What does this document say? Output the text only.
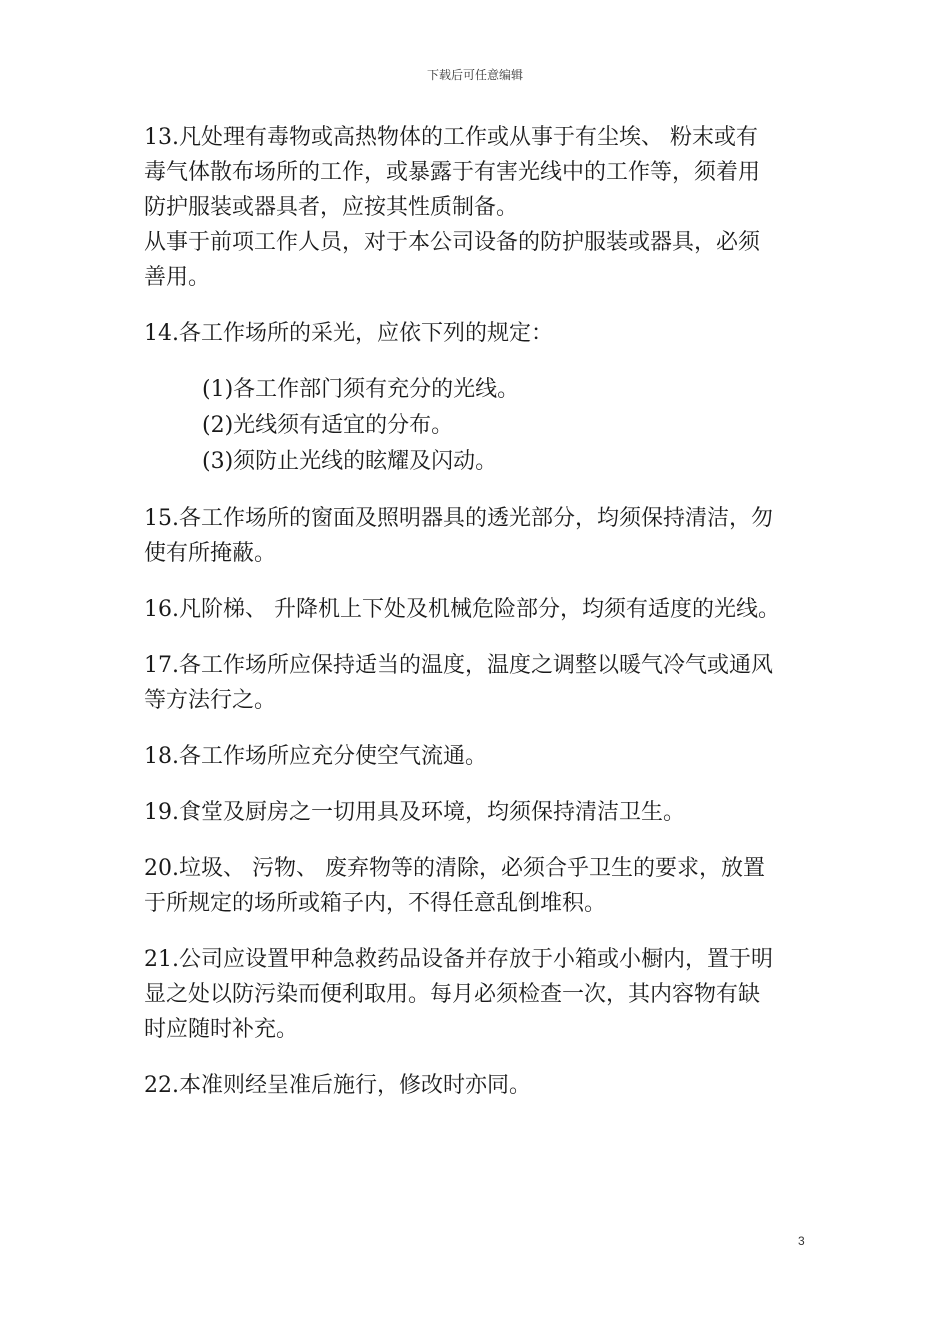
下载后可任意编辑
13.凡处理有毒物或高热物体的工作或从事于有尘埃、 粉末或有
毒气体散布场所的工作，或暴露于有害光线中的工作等，须着用
防护服装或器具者，应按其性质制备。
从事于前项工作人员，对于本公司设备的防护服装或器具，必须
善用。
14.各工作场所的采光，应依下列的规定：
(1)各工作部门须有充分的光线。
(2)光线须有适宜的分布。
(3)须防止光线的眩耀及闪动。
15.各工作场所的窗面及照明器具的透光部分，均须保持清洁，勿
使有所掩蔽。
16.凡阶梯、 升降机上下处及机械危险部分，均须有适度的光线。
17.各工作场所应保持适当的温度，温度之调整以暖气冷气或通风
等方法行之。
18.各工作场所应充分使空气流通。
19.食堂及厨房之一切用具及环境，均须保持清洁卫生。
20.垃圾、 污物、 废弃物等的清除，必须合乎卫生的要求，放置
于所规定的场所或箱子内，不得任意乱倒堆积。
21.公司应设置甲种急救药品设备并存放于小箱或小橱内，置于明
显之处以防污染而便利取用。每月必须检查一次，其内容物有缺
时应随时补充。
22.本准则经呈准后施行，修改时亦同。
3
